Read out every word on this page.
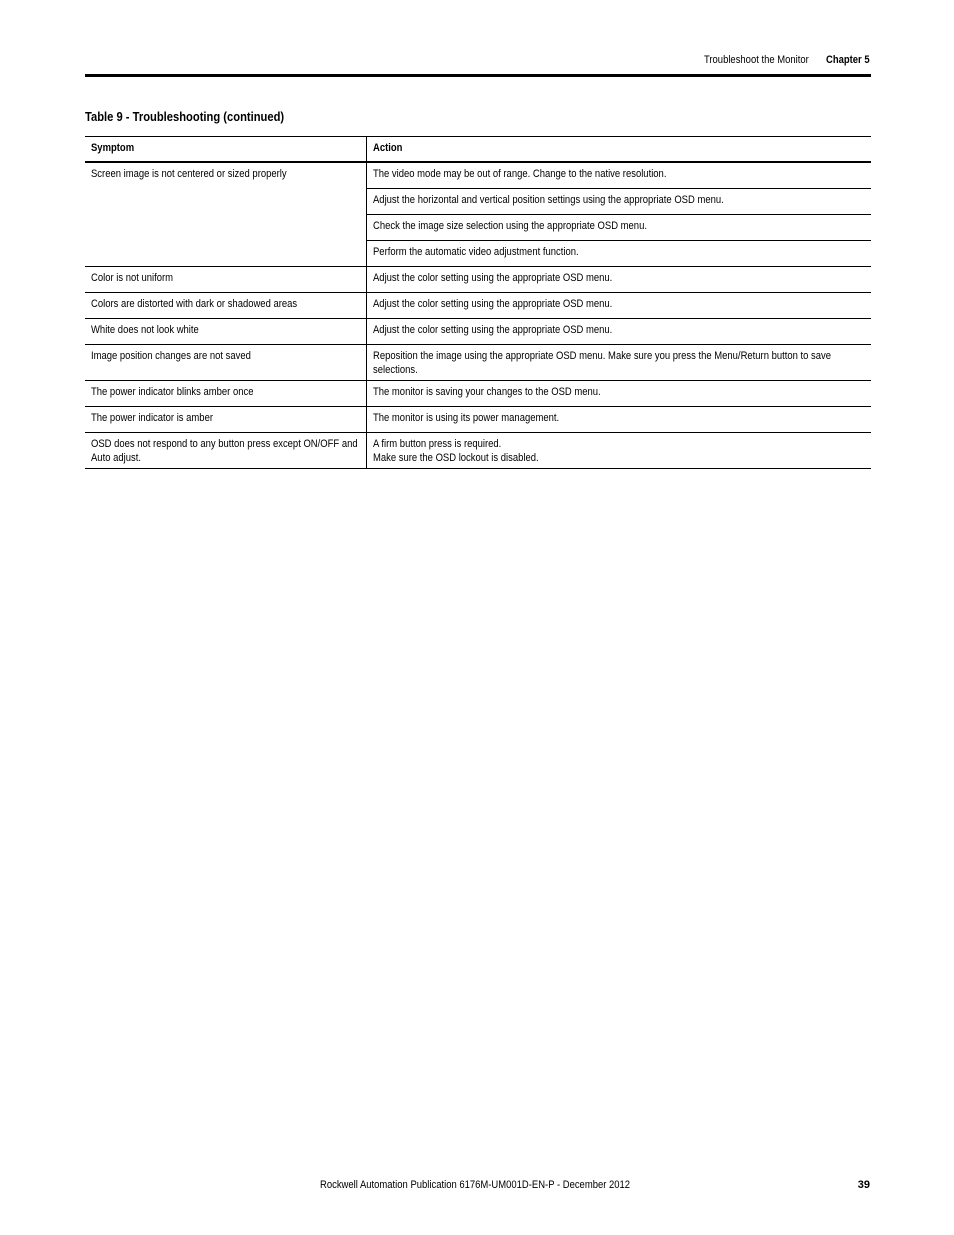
Troubleshoot the Monitor Chapter 5
Table 9 - Troubleshooting (continued)
Symptom	Action
Screen image is not centered or sized properly	The video mode may be out of range. Change to the native resolution.
	Adjust the horizontal and vertical position settings using the appropriate OSD menu.
	Check the image size selection using the appropriate OSD menu.
	Perform the automatic video adjustment function.
Color is not uniform	Adjust the color setting using the appropriate OSD menu.
Colors are distorted with dark or shadowed areas	Adjust the color setting using the appropriate OSD menu.
White does not look white	Adjust the color setting using the appropriate OSD menu.
Image position changes are not saved	Reposition the image using the appropriate OSD menu. Make sure you press the Menu/Return button to save selections.
The power indicator blinks amber once	The monitor is saving your changes to the OSD menu.
The power indicator is amber	The monitor is using its power management.
OSD does not respond to any button press except ON/OFF and Auto adjust.	A firm button press is required.
Make sure the OSD lockout is disabled.
Rockwell Automation Publication 6176M-UM001D-EN-P - December 2012	39
